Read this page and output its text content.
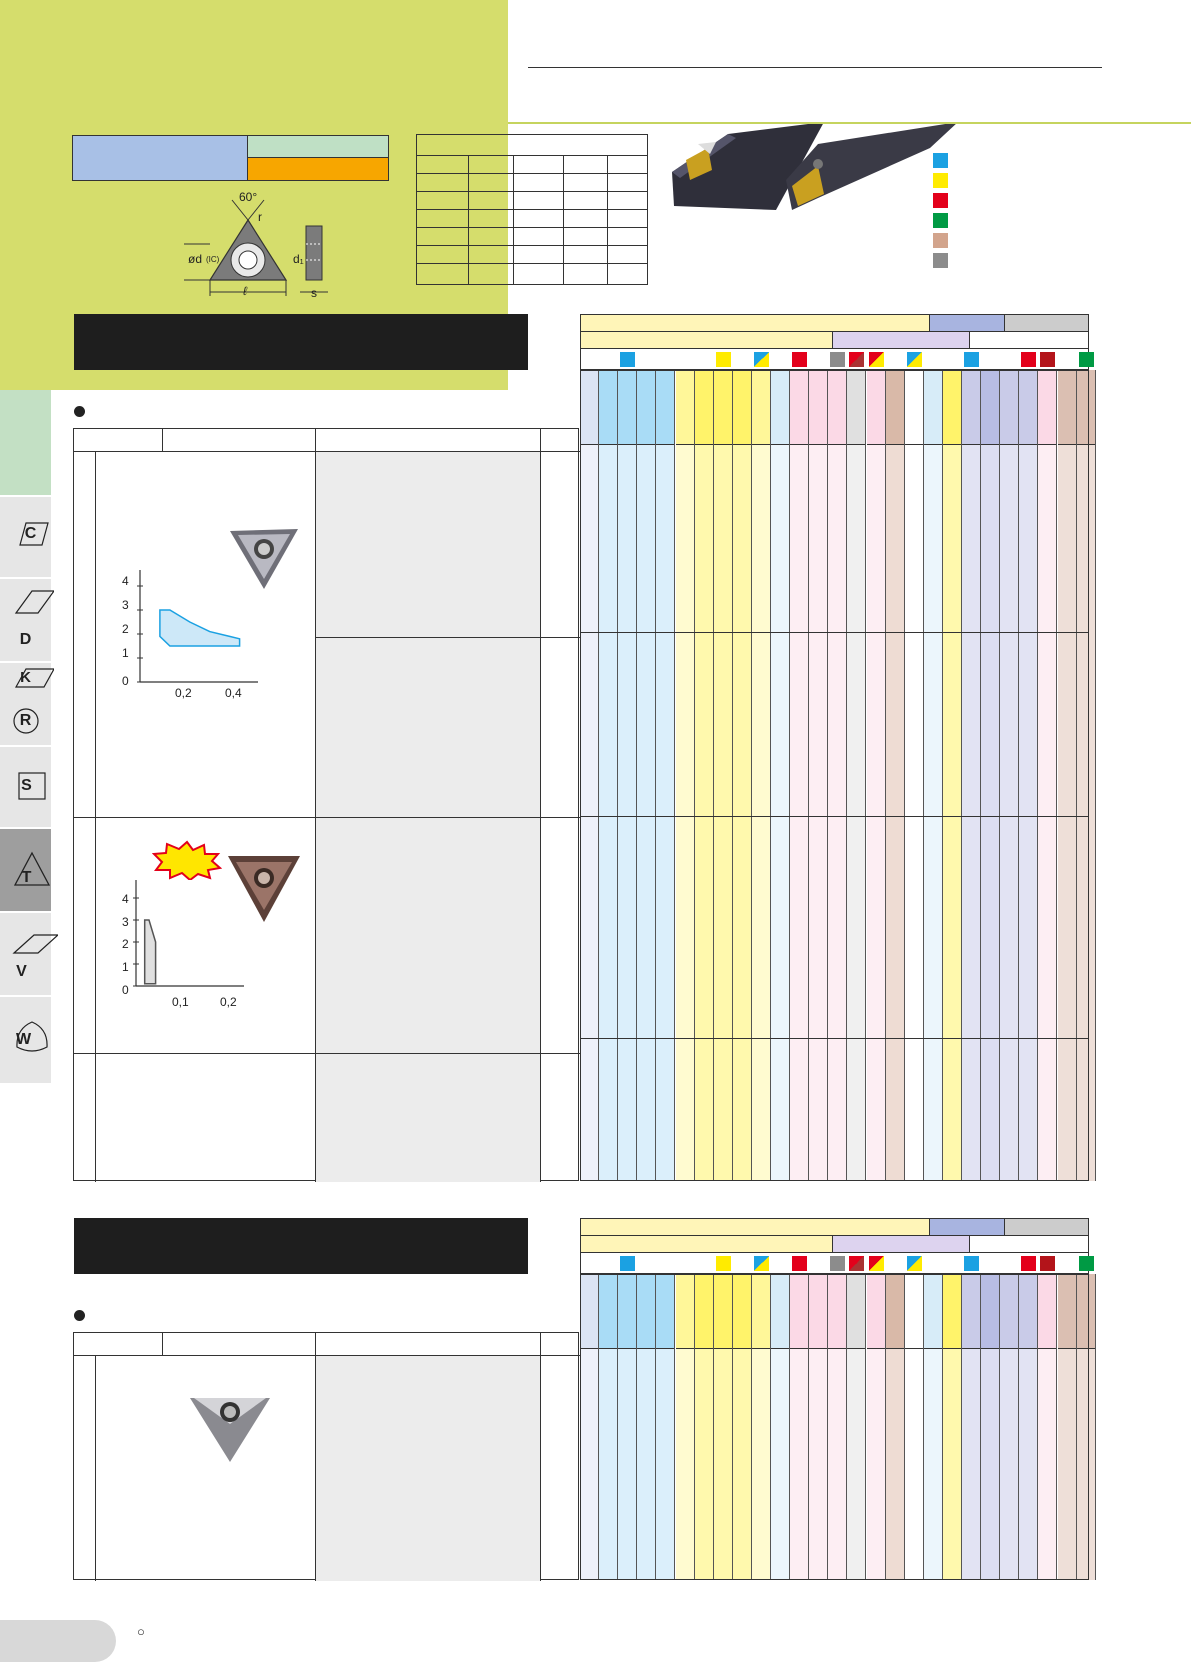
C
D
K
R
S
T
V
W
60°
r
ød (IC)	d₁
ℓ	s
4
3
2
1
0
0,2	0,4
4
3
2
1
0
0,1	0,2
○
